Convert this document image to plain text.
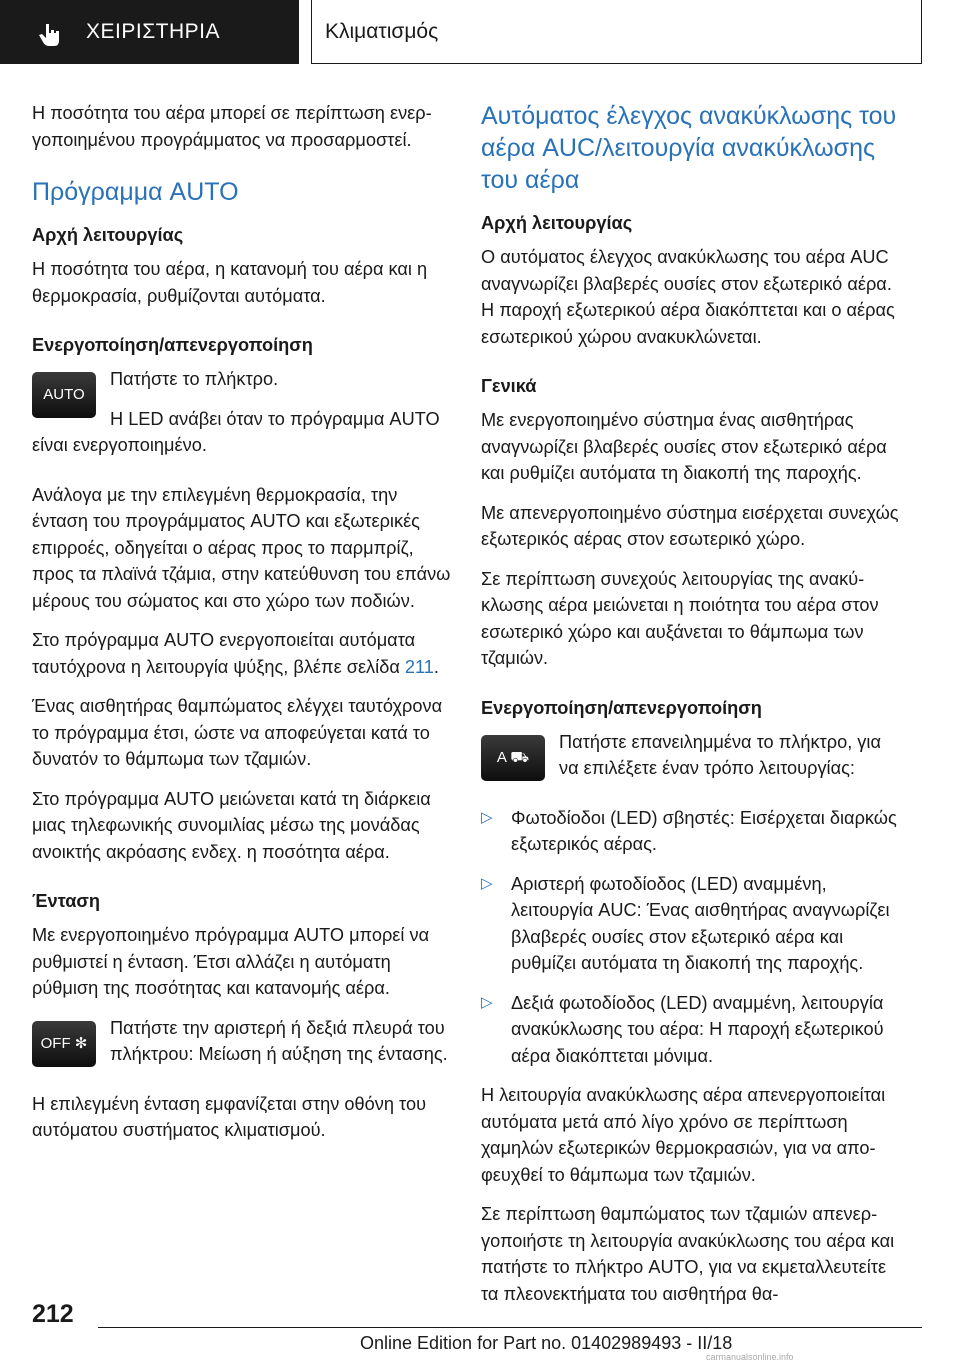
ΧΕΙΡΙΣΤΗΡΙΑ	Κλιματισμός

Η ποσότητα του αέρα μπορεί σε περίπτωση ενεργοποιημένου προγράμματος να προσαρμοστεί.

Πρόγραμμα AUTO
Αρχή λειτουργίας

Η ποσότητα του αέρα, η κατανομή του αέρα και η θερμοκρασία, ρυθμίζονται αυτόματα.

Ενεργοποίηση/απενεργοποίηση
AUTO

Πατήστε το πλήκτρο.

Η LED ανάβει όταν το πρόγραμμα AUTO είναι ενεργοποιημένο.

Ανάλογα με την επιλεγμένη θερμοκρασία, την ένταση του προγράμματος AUTO και εξωτερικές επιρροές, οδηγείται ο αέρας προς το παρμπρίζ, προς τα πλαϊνά τζάμια, στην κατεύθυνση του επάνω μέρους του σώματος και στο χώρο των ποδιών.

Στο πρόγραμμα AUTO ενεργοποιείται αυτόματα ταυτόχρονα η λειτουργία ψύξης, βλέπε σελίδα 211.

Ένας αισθητήρας θαμπώματος ελέγχει ταυτόχρονα το πρόγραμμα έτσι, ώστε να αποφεύγεται κατά το δυνατόν το θάμπωμα των τζαμιών.

Στο πρόγραμμα AUTO μειώνεται κατά τη διάρκεια μιας τηλεφωνικής συνομιλίας μέσω της μονάδας ανοικτής ακρόασης ενδεχ. η ποσότητα αέρα.

Ένταση

Με ενεργοποιημένο πρόγραμμα AUTO μπορεί να ρυθμιστεί η ένταση. Έτσι αλλάζει η αυτόματη ρύθμιση της ποσότητας και κατανομής αέρα.

OFF ✻

Πατήστε την αριστερή ή δεξιά πλευρά του πλήκτρου: Μείωση ή αύξηση της έντασης.

Η επιλεγμένη ένταση εμφανίζεται στην οθόνη του αυτόματου συστήματος κλιματισμού.

Αυτόματος έλεγχος ανακύκλωσης του αέρα AUC/λειτουργία ανακύκλωσης του αέρα
Αρχή λειτουργίας

Ο αυτόματος έλεγχος ανακύκλωσης του αέρα AUC αναγνωρίζει βλαβερές ουσίες στον εξωτερικό αέρα. Η παροχή εξωτερικού αέρα διακόπτεται και ο αέρας εσωτερικού χώρου ανακυκλώνεται.

Γενικά

Με ενεργοποιημένο σύστημα ένας αισθητήρας αναγνωρίζει βλαβερές ουσίες στον εξωτερικό αέρα και ρυθμίζει αυτόματα τη διακοπή της παροχής.

Με απενεργοποιημένο σύστημα εισέρχεται συνεχώς εξωτερικός αέρας στον εσωτερικό χώρο.

Σε περίπτωση συνεχούς λειτουργίας της ανακύκλωσης αέρα μειώνεται η ποιότητα του αέρα στον εσωτερικό χώρο και αυξάνεται το θάμπωμα των τζαμιών.

Ενεργοποίηση/απενεργοποίηση
A ⛟

Πατήστε επανειλημμένα το πλήκτρο, για να επιλέξετε έναν τρόπο λειτουργίας:

▷ Φωτοδίοδοι (LED) σβηστές: Εισέρχεται διαρκώς εξωτερικός αέρας.

▷ Αριστερή φωτοδίοδος (LED) αναμμένη, λειτουργία AUC: Ένας αισθητήρας αναγνωρίζει βλαβερές ουσίες στον εξωτερικό αέρα και ρυθμίζει αυτόματα τη διακοπή της παροχής.

▷ Δεξιά φωτοδίοδος (LED) αναμμένη, λειτουργία ανακύκλωσης του αέρα: Η παροχή εξωτερικού αέρα διακόπτεται μόνιμα.

Η λειτουργία ανακύκλωσης αέρα απενεργοποιείται αυτόματα μετά από λίγο χρόνο σε περίπτωση χαμηλών εξωτερικών θερμοκρασιών, για να αποφευχθεί το θάμπωμα των τζαμιών.

Σε περίπτωση θαμπώματος των τζαμιών απενεργοποιήστε τη λειτουργία ανακύκλωσης του αέρα και πατήστε το πλήκτρο AUTO, για να εκμεταλλευτείτε τα πλεονεκτήματα του αισθητήρα θα-

212
Online Edition for Part no. 01402989493 - II/18
carmanualsonline.info
